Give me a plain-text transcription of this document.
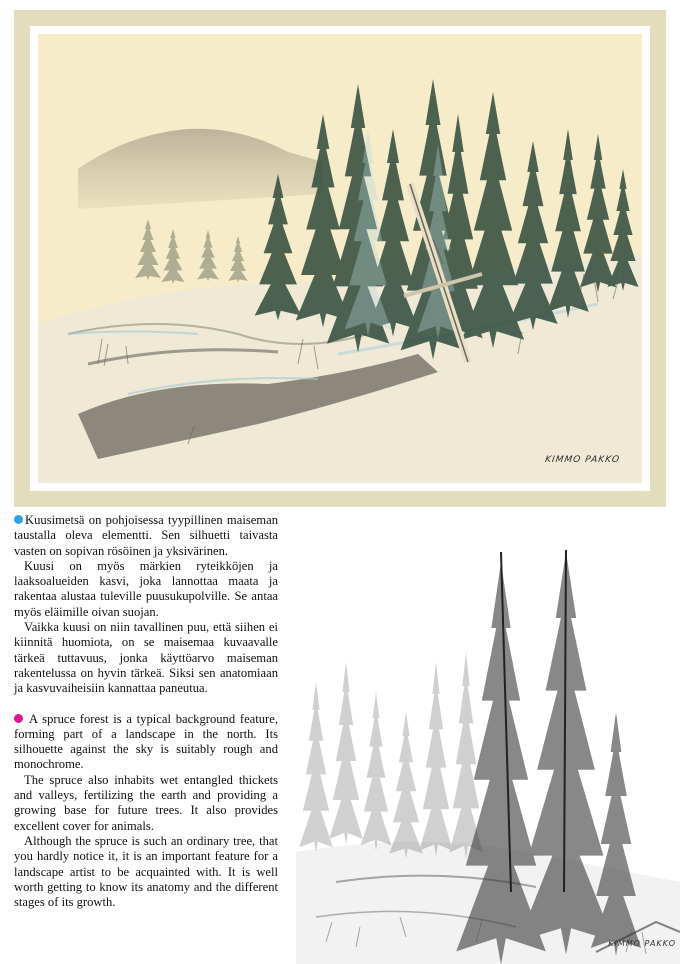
KIMMO PAKKO

Kuusimetsä on pohjoisessa tyypillinen maiseman taustalla oleva elementti. Sen silhuetti taivasta vasten on sopivan rösöinen ja yksivärinen.

Kuusi on myös märkien ryteikköjen ja laaksoalueiden kasvi, joka lannottaa maata ja rakentaa alustaa tuleville puusukupolville. Se antaa myös eläimille oivan suojan.

Vaikka kuusi on niin tavallinen puu, että siihen ei kiinnitä huomiota, on se maisemaa kuvaavalle tärkeä tuttavuus, jonka käyttöarvo maiseman rakentelussa on hyvin tärkeä. Siksi sen anatomiaan ja kasvuvaiheisiin kannattaa paneutua.

A spruce forest is a typical background feature, forming part of a landscape in the north. Its silhouette against the sky is suitably rough and monochrome.

The spruce also inhabits wet entangled thickets and valleys, fertilizing the earth and providing a growing base for future trees. It also provides excellent cover for animals.

Although the spruce is such an ordinary tree, that you hardly notice it, it is an important feature for a landscape artist to be acquainted with. It is well worth getting to know its anatomy and the different stages of its growth.

KIMMO PAKKO
